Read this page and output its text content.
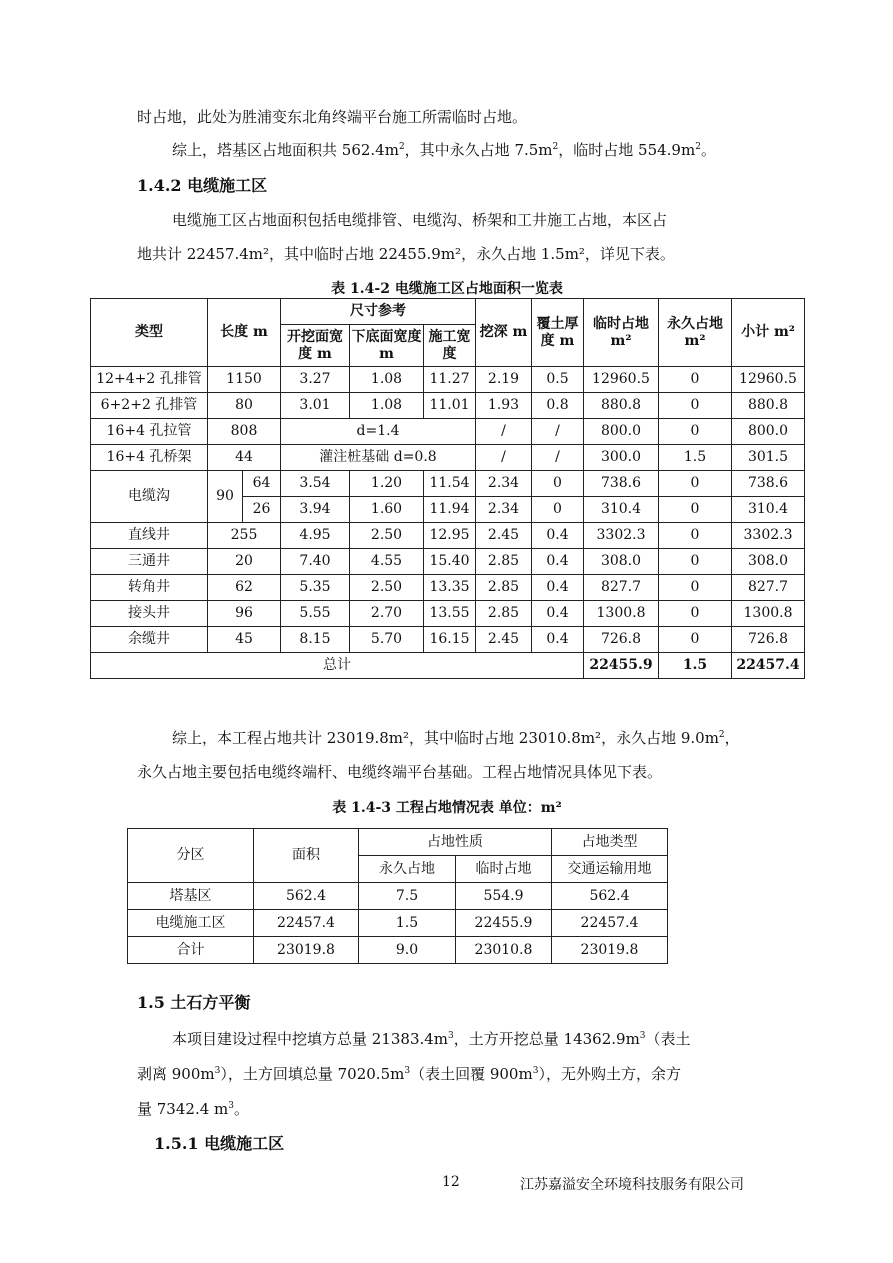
时占地，此处为胜浦变东北角终端平台施工所需临时占地。

综上，塔基区占地面积共 $562.4m^2$，其中永久占地 $7.5m^2$，临时占地 $554.9m^2$。

1.4.2 电缆施工区

电缆施工区占地面积包括电缆排管、电缆沟、桥架和工井施工占地，本区占

地共计 22457.4m²，其中临时占地 22455.9m²，永久占地 1.5m²，详见下表。

表 1.4-2 电缆施工区占地面积一览表

类型	长度 m		尺寸参考			挖深 m	覆土厚度 m	临时占地 m²	永久占地 m²	小计 m²
			开挖面宽度 m	下底面宽度 m	施工宽度					
12+4+2 孔排管	1150		3.27	1.08	11.27	2.19	0.5	12960.5	0	12960.5
6+2+2 孔排管	80		3.01	1.08	11.01	1.93	0.8	880.8	0	880.8
16+4 孔拉管	808		d=1.4			/	/	800.0	0	800.0
16+4 孔桥架	44		灌注桩基础 d=0.8			/	/	300.0	1.5	301.5
电缆沟	90	64	3.54	1.20	11.54	2.34	0	738.6	0	738.6
		26	3.94	1.60	11.94	2.34	0	310.4	0	310.4
直线井	255		4.95	2.50	12.95	2.45	0.4	3302.3	0	3302.3
三通井	20		7.40	4.55	15.40	2.85	0.4	308.0	0	308.0
转角井	62		5.35	2.50	13.35	2.85	0.4	827.7	0	827.7
接头井	96		5.55	2.70	13.55	2.85	0.4	1300.8	0	1300.8
余缆井	45		8.15	5.70	16.15	2.45	0.4	726.8	0	726.8
总计								22455.9	1.5	22457.4

综上，本工程占地共计 23019.8m²，其中临时占地 23010.8m²，永久占地 $9.0m^2$，

永久占地主要包括电缆终端杆、电缆终端平台基础。工程占地情况具体见下表。

表 1.4-3 工程占地情况表 单位：m²

分区	面积	占地性质		占地类型
		永久占地	临时占地	交通运输用地
塔基区	562.4	7.5	554.9	562.4
电缆施工区	22457.4	1.5	22455.9	22457.4
合计	23019.8	9.0	23010.8	23019.8

1.5 土石方平衡

本项目建设过程中挖填方总量 $21383.4m^3$，土方开挖总量 $14362.9m^3$（表土

剥离 $900m^3$），土方回填总量 $7020.5m^3$（表土回覆 $900m^3$），无外购土方，余方

量 7342.4 $m^3$。

1.5.1 电缆施工区

12	江苏嘉溢安全环境科技服务有限公司
